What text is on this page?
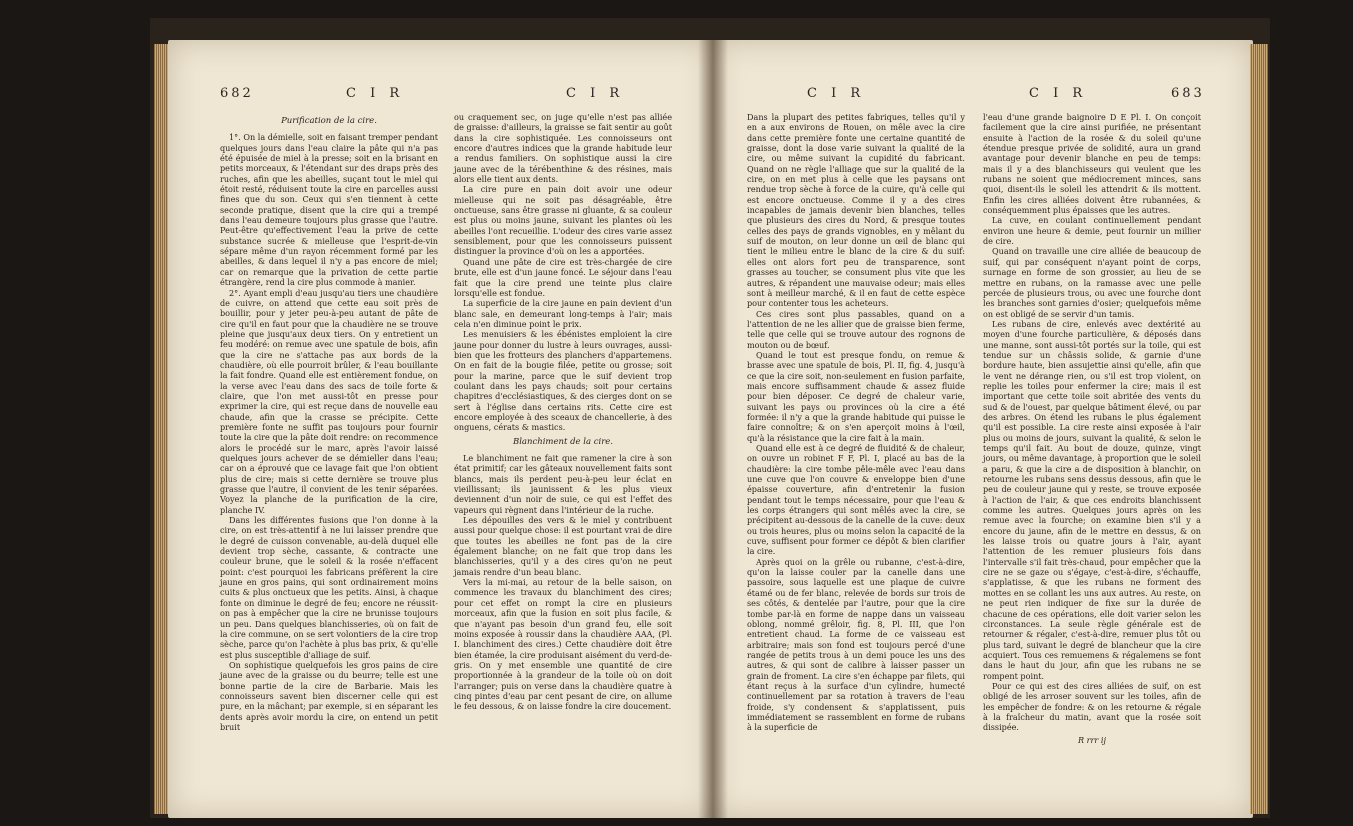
682	C I R	C I R

Purification de la cire.

1°. On la démielle, soit en faisant tremper pendant quelques jours dans l'eau claire la pâte qui n'a pas été épuisée de miel à la presse; soit en la brisant en petits morceaux, & l'étendant sur des draps près des ruches, afin que les abeilles, suçant tout le miel qui étoit resté, réduisent toute la cire en parcelles aussi fines que du son. Ceux qui s'en tiennent à cette seconde pratique, disent que la cire qui a trempé dans l'eau demeure toujours plus grasse que l'autre. Peut-être qu'effectivement l'eau la prive de cette substance sucrée & mielleuse que l'esprit-de-vin sépare même d'un rayon récemment formé par les abeilles, & dans lequel il n'y a pas encore de miel; car on remarque que la privation de cette partie étrangère, rend la cire plus commode à manier.

2°. Ayant empli d'eau jusqu'au tiers une chaudière de cuivre, on attend que cette eau soit près de bouillir, pour y jeter peu-à-peu autant de pâte de cire qu'il en faut pour que la chaudière ne se trouve pleine que jusqu'aux deux tiers. On y entretient un feu modéré: on remue avec une spatule de bois, afin que la cire ne s'attache pas aux bords de la chaudière, où elle pourroit brûler, & l'eau bouillante la fait fondre. Quand elle est entièrement fondue, on la verse avec l'eau dans des sacs de toile forte & claire, que l'on met aussi-tôt en presse pour exprimer la cire, qui est reçue dans de nouvelle eau chaude, afin que la crasse se précipite. Cette première fonte ne suffit pas toujours pour fournir toute la cire que la pâte doit rendre: on recommence alors le procédé sur le marc, après l'avoir laissé quelques jours achever de se démieller dans l'eau; car on a éprouvé que ce lavage fait que l'on obtient plus de cire; mais si cette dernière se trouve plus grasse que l'autre, il convient de les tenir séparées. Voyez la planche de la purification de la cire, planche IV.

Dans les différentes fusions que l'on donne à la cire, on est très-attentif à ne lui laisser prendre que le degré de cuisson convenable, au-delà duquel elle devient trop sèche, cassante, & contracte une couleur brune, que le soleil & la rosée n'effacent point: c'est pourquoi les fabricans préfèrent la cire jaune en gros pains, qui sont ordinairement moins cuits & plus onctueux que les petits. Ainsi, à chaque fonte on diminue le degré de feu; encore ne réussit-on pas à empêcher que la cire ne brunisse toujours un peu. Dans quelques blanchisseries, où on fait de la cire commune, on se sert volontiers de la cire trop sèche, parce qu'on l'achète à plus bas prix, & qu'elle est plus susceptible d'alliage de suif.

On sophistique quelquefois les gros pains de cire jaune avec de la graisse ou du beurre; telle est une bonne partie de la cire de Barbarie. Mais les connoisseurs savent bien discerner celle qui est pure, en la mâchant; par exemple, si en séparant les dents après avoir mordu la cire, on entend un petit bruit

ou craquement sec, on juge qu'elle n'est pas alliée de graisse: d'ailleurs, la graisse se fait sentir au goût dans la cire sophistiquée. Les connoisseurs ont encore d'autres indices que la grande habitude leur a rendus familiers. On sophistique aussi la cire jaune avec de la térébenthine & des résines, mais alors elle tient aux dents.

La cire pure en pain doit avoir une odeur mielleuse qui ne soit pas désagréable, être onctueuse, sans être grasse ni gluante, & sa couleur est plus ou moins jaune, suivant les plantes où les abeilles l'ont recueillie. L'odeur des cires varie assez sensiblement, pour que les connoisseurs puissent distinguer la province d'où on les a apportées.

Quand une pâte de cire est très-chargée de cire brute, elle est d'un jaune foncé. Le séjour dans l'eau fait que la cire prend une teinte plus claire lorsqu'elle est fondue.

La superficie de la cire jaune en pain devient d'un blanc sale, en demeurant long-temps à l'air; mais cela n'en diminue point le prix.

Les menuisiers & les ébénistes emploient la cire jaune pour donner du lustre à leurs ouvrages, aussi-bien que les frotteurs des planchers d'appartemens. On en fait de la bougie filée, petite ou grosse; soit pour la marine, parce que le suif devient trop coulant dans les pays chauds; soit pour certains chapitres d'ecclésiastiques, & des cierges dont on se sert à l'église dans certains rits. Cette cire est encore employée à des sceaux de chancellerie, à des onguens, cérats & mastics.

Blanchiment de la cire.

Le blanchiment ne fait que ramener la cire à son état primitif; car les gâteaux nouvellement faits sont blancs, mais ils perdent peu-à-peu leur éclat en vieillissant; ils jaunissent & les plus vieux deviennent d'un noir de suie, ce qui est l'effet des vapeurs qui règnent dans l'intérieur de la ruche.

Les dépouilles des vers & le miel y contribuent aussi pour quelque chose: il est pourtant vrai de dire que toutes les abeilles ne font pas de la cire également blanche; on ne fait que trop dans les blanchisseries, qu'il y a des cires qu'on ne peut jamais rendre d'un beau blanc.

Vers la mi-mai, au retour de la belle saison, on commence les travaux du blanchiment des cires; pour cet effet on rompt la cire en plusieurs morceaux, afin que la fusion en soit plus facile, & que n'ayant pas besoin d'un grand feu, elle soit moins exposée à roussir dans la chaudière AAA, (Pl. I. blanchiment des cires.) Cette chaudière doit être bien étamée, la cire produisant aisément du verd-de-gris. On y met ensemble une quantité de cire proportionnée à la grandeur de la toile où on doit l'arranger; puis on verse dans la chaudière quatre à cinq pintes d'eau par cent pesant de cire, on allume le feu dessous, & on laisse fondre la cire doucement.

C I R	C I R	683

Dans la plupart des petites fabriques, telles qu'il y en a aux environs de Rouen, on mêle avec la cire dans cette première fonte une certaine quantité de graisse, dont la dose varie suivant la qualité de la cire, ou même suivant la cupidité du fabricant. Quand on ne règle l'alliage que sur la qualité de la cire, on en met plus à celle que les paysans ont rendue trop sèche à force de la cuire, qu'à celle qui est encore onctueuse. Comme il y a des cires incapables de jamais devenir bien blanches, telles que plusieurs des cires du Nord, & presque toutes celles des pays de grands vignobles, en y mêlant du suif de mouton, on leur donne un œil de blanc qui tient le milieu entre le blanc de la cire & du suif: elles ont alors fort peu de transparence, sont grasses au toucher, se consument plus vite que les autres, & répandent une mauvaise odeur; mais elles sont à meilleur marché, & il en faut de cette espèce pour contenter tous les acheteurs.

Ces cires sont plus passables, quand on a l'attention de ne les allier que de graisse bien ferme, telle que celle qui se trouve autour des rognons de mouton ou de bœuf.

Quand le tout est presque fondu, on remue & brasse avec une spatule de bois, Pl. II, fig. 4, jusqu'à ce que la cire soit, non-seulement en fusion parfaite, mais encore suffisamment chaude & assez fluide pour bien déposer. Ce degré de chaleur varie, suivant les pays ou provinces où la cire a été formée: il n'y a que la grande habitude qui puisse le faire connoître; & on s'en aperçoit moins à l'œil, qu'à la résistance que la cire fait à la main.

Quand elle est à ce degré de fluidité & de chaleur, on ouvre un robinet F F, Pl. I, placé au bas de la chaudière: la cire tombe pêle-mêle avec l'eau dans une cuve que l'on couvre & enveloppe bien d'une épaisse couverture, afin d'entretenir la fusion pendant tout le temps nécessaire, pour que l'eau & les corps étrangers qui sont mêlés avec la cire, se précipitent au-dessous de la canelle de la cuve: deux ou trois heures, plus ou moins selon la capacité de la cuve, suffisent pour former ce dépôt & bien clarifier la cire.

Après quoi on la grêle ou rubanne, c'est-à-dire, qu'on la laisse couler par la canelle dans une passoire, sous laquelle est une plaque de cuivre étamé ou de fer blanc, relevée de bords sur trois de ses côtés, & dentelée par l'autre, pour que la cire tombe par-là en forme de nappe dans un vaisseau oblong, nommé grêloir, fig. 8, Pl. III, que l'on entretient chaud. La forme de ce vaisseau est arbitraire; mais son fond est toujours percé d'une rangée de petits trous à un demi pouce les uns des autres, & qui sont de calibre à laisser passer un grain de froment. La cire s'en échappe par filets, qui étant reçus à la surface d'un cylindre, humecté continuellement par sa rotation à travers de l'eau froide, s'y condensent & s'applatissent, puis immédiatement se rassemblent en forme de rubans à la superficie de

l'eau d'une grande baignoire D E Pl. I. On conçoit facilement que la cire ainsi purifiée, ne présentant ensuite à l'action de la rosée & du soleil qu'une étendue presque privée de solidité, aura un grand avantage pour devenir blanche en peu de temps: mais il y a des blanchisseurs qui veulent que les rubans ne soient que médiocrement minces, sans quoi, disent-ils le soleil les attendrit & ils mottent. Enfin les cires alliées doivent être rubannées, & conséquemment plus épaisses que les autres.

La cuve, en coulant continuellement pendant environ une heure & demie, peut fournir un millier de cire.

Quand on travaille une cire alliée de beaucoup de suif, qui par conséquent n'ayant point de corps, surnage en forme de son grossier, au lieu de se mettre en rubans, on la ramasse avec une pelle percée de plusieurs trous, ou avec une fourche dont les branches sont garnies d'osier; quelquefois même on est obligé de se servir d'un tamis.

Les rubans de cire, enlevés avec dextérité au moyen d'une fourche particulière, & déposés dans une manne, sont aussi-tôt portés sur la toile, qui est tendue sur un châssis solide, & garnie d'une bordure haute, bien assujettie ainsi qu'elle, afin que le vent ne dérange rien, ou s'il est trop violent, on replie les toiles pour enfermer la cire; mais il est important que cette toile soit abritée des vents du sud & de l'ouest, par quelque bâtiment élevé, ou par des arbres. On étend les rubans le plus également qu'il est possible. La cire reste ainsi exposée à l'air plus ou moins de jours, suivant la qualité, & selon le temps qu'il fait. Au bout de douze, quinze, vingt jours, ou même davantage, à proportion que le soleil a paru, & que la cire a de disposition à blanchir, on retourne les rubans sens dessus dessous, afin que le peu de couleur jaune qui y reste, se trouve exposée à l'action de l'air, & que ces endroits blanchissent comme les autres. Quelques jours après on les remue avec la fourche; on examine bien s'il y a encore du jaune, afin de le mettre en dessus, & on les laisse trois ou quatre jours à l'air, ayant l'attention de les remuer plusieurs fois dans l'intervalle s'il fait très-chaud, pour empêcher que la cire ne se gaze ou s'égaye, c'est-à-dire, s'échauffe, s'applatisse, & que les rubans ne forment des mottes en se collant les uns aux autres. Au reste, on ne peut rien indiquer de fixe sur la durée de chacune de ces opérations, elle doit varier selon les circonstances. La seule règle générale est de retourner & régaler, c'est-à-dire, remuer plus tôt ou plus tard, suivant le degré de blancheur que la cire acquiert. Tous ces remuemens & régalemens se font dans le haut du jour, afin que les rubans ne se rompent point.

Pour ce qui est des cires alliées de suif, on est obligé de les arroser souvent sur les toiles, afin de les empêcher de fondre: & on les retourne & régale à la fraîcheur du matin, avant que la rosée soit dissipée.

R rrr ij
